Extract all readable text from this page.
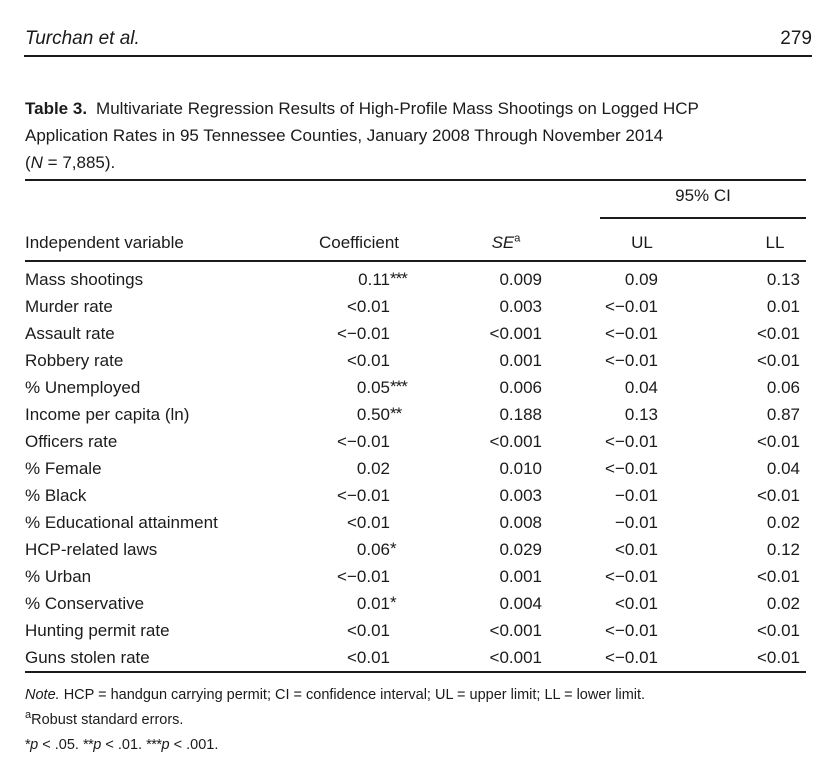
Turchan et al.	279
Table 3. Multivariate Regression Results of High-Profile Mass Shootings on Logged HCP
Application Rates in 95 Tennessee Counties, January 2008 Through November 2014
(N = 7,885).
95% CI
Independent variable	Coefficient	$SE^a$	UL	LL
Mass shootings	0.11 ***	0.009	0.09	0.13
Murder rate	<0.01	0.003	<−0.01	0.01
Assault rate	<−0.01	<0.001	<−0.01	<0.01
Robbery rate	<0.01	0.001	<−0.01	<0.01
% Unemployed	0.05 ***	0.006	0.04	0.06
Income per capita (ln)	0.50 **	0.188	0.13	0.87
Officers rate	<−0.01	<0.001	<−0.01	<0.01
% Female	0.02	0.010	<−0.01	0.04
% Black	<−0.01	0.003	−0.01	<0.01
% Educational attainment	<0.01	0.008	−0.01	0.02
HCP-related laws	0.06 *	0.029	<0.01	0.12
% Urban	<−0.01	0.001	<−0.01	<0.01
% Conservative	0.01 *	0.004	<0.01	0.02
Hunting permit rate	<0.01	<0.001	<−0.01	<0.01
Guns stolen rate	<0.01	<0.001	<−0.01	<0.01
Note. HCP = handgun carrying permit; CI = confidence interval; UL = upper limit; LL = lower limit.
$^a$Robust standard errors.
*p < .05. **p < .01. ***p < .001.
